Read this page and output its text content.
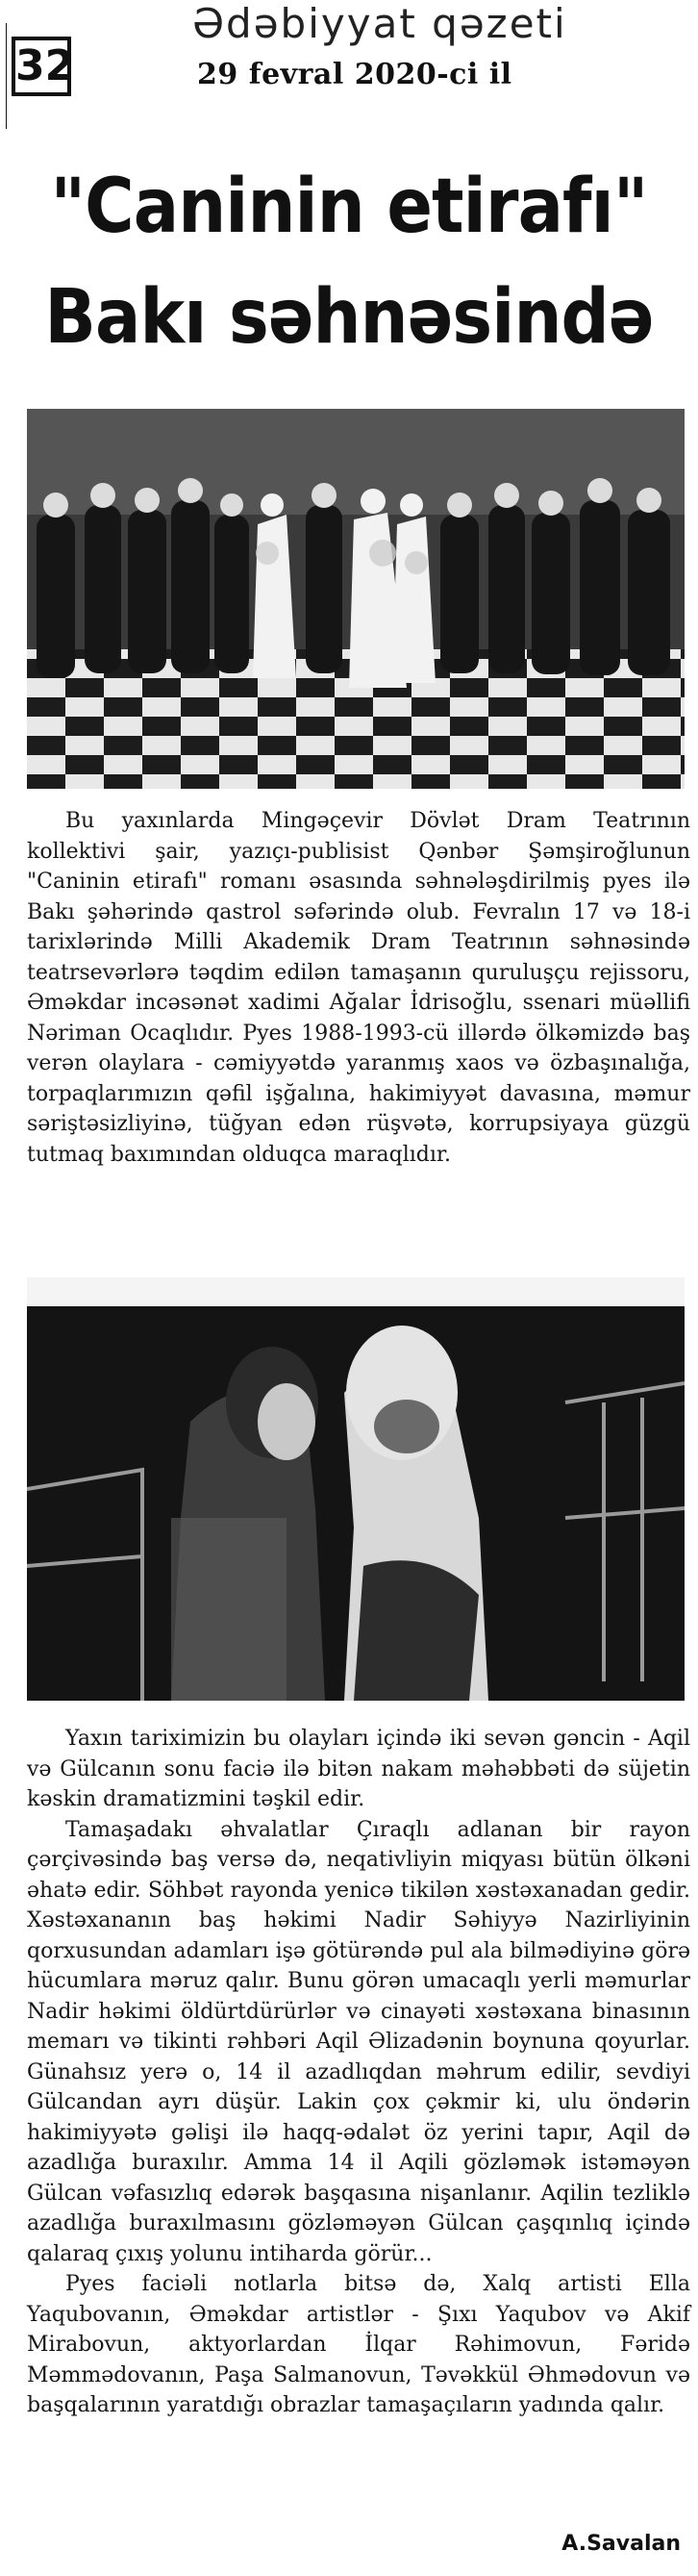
32
Ədəbiyyat qəzeti
29 fevral 2020-ci il
"Caninin etirafı"
Bakı səhnəsində

Bu yaxınlarda Mingəçevir Dövlət Dram Teatrının kollektivi şair, yazıçı-publisist Qənbər Şəmşiroğlunun "Caninin etirafı" romanı əsasında səhnələşdirilmiş pyes ilə Bakı şəhərində qastrol səfərində olub. Fevralın 17 və 18-i tarixlərində Milli Akademik Dram Teatrının səhnəsində teatrsevərlərə təqdim edilən tamaşanın quruluşçu rejissoru, Əməkdar incəsənət xadimi Ağalar İdrisoğlu, ssenari müəllifi Nəriman Ocaqlıdır. Pyes 1988-1993-cü illərdə ölkəmizdə baş verən olaylara - cəmiyyətdə yaranmış xaos və özbaşınalığa, torpaqlarımızın qəfil işğalına, hakimiyyət davasına, məmur səriştəsizliyinə, tüğyan edən rüşvətə, korrupsiyaya güzgü tutmaq baxımından olduqca maraqlıdır.

Yaxın tariximizin bu olayları içində iki sevən gəncin - Aqil və Gülcanın sonu faciə ilə bitən nakam məhəbbəti də süjetin kəskin dramatizmini təşkil edir.

Tamaşadakı əhvalatlar Çıraqlı adlanan bir rayon çərçivəsində baş versə də, neqativliyin miqyası bütün ölkəni əhatə edir. Söhbət rayonda yenicə tikilən xəstəxanadan gedir. Xəstəxananın baş həkimi Nadir Səhiyyə Nazirliyinin qorxusundan adamları işə götürəndə pul ala bilmədiyinə görə hücumlara məruz qalır. Bunu görən umacaqlı yerli məmurlar Nadir həkimi öldürtdürürlər və cinayəti xəstəxana binasının memarı və tikinti rəhbəri Aqil Əlizadənin boynuna qoyurlar. Günahsız yerə o, 14 il azadlıqdan məhrum edilir, sevdiyi Gülcandan ayrı düşür. Lakin çox çəkmir ki, ulu öndərin hakimiyyətə gəlişi ilə haqq-ədalət öz yerini tapır, Aqil də azadlığa buraxılır. Amma 14 il Aqili gözləmək istəməyən Gülcan vəfasızlıq edərək başqasına nişanlanır. Aqilin tezliklə azadlığa buraxılmasını gözləməyən Gülcan çaşqınlıq içində qalaraq çıxış yolunu intiharda görür...

Pyes faciəli notlarla bitsə də, Xalq artisti Ella Yaqubovanın, Əməkdar artistlər - Şıxı Yaqubov və Akif Mirabovun, aktyorlardan İlqar Rəhimovun, Fəridə Məmmədovanın, Paşa Salmanovun, Təvəkkül Əhmədovun və başqalarının yaratdığı obrazlar tamaşaçıların yadında qalır.

A.Savalan
